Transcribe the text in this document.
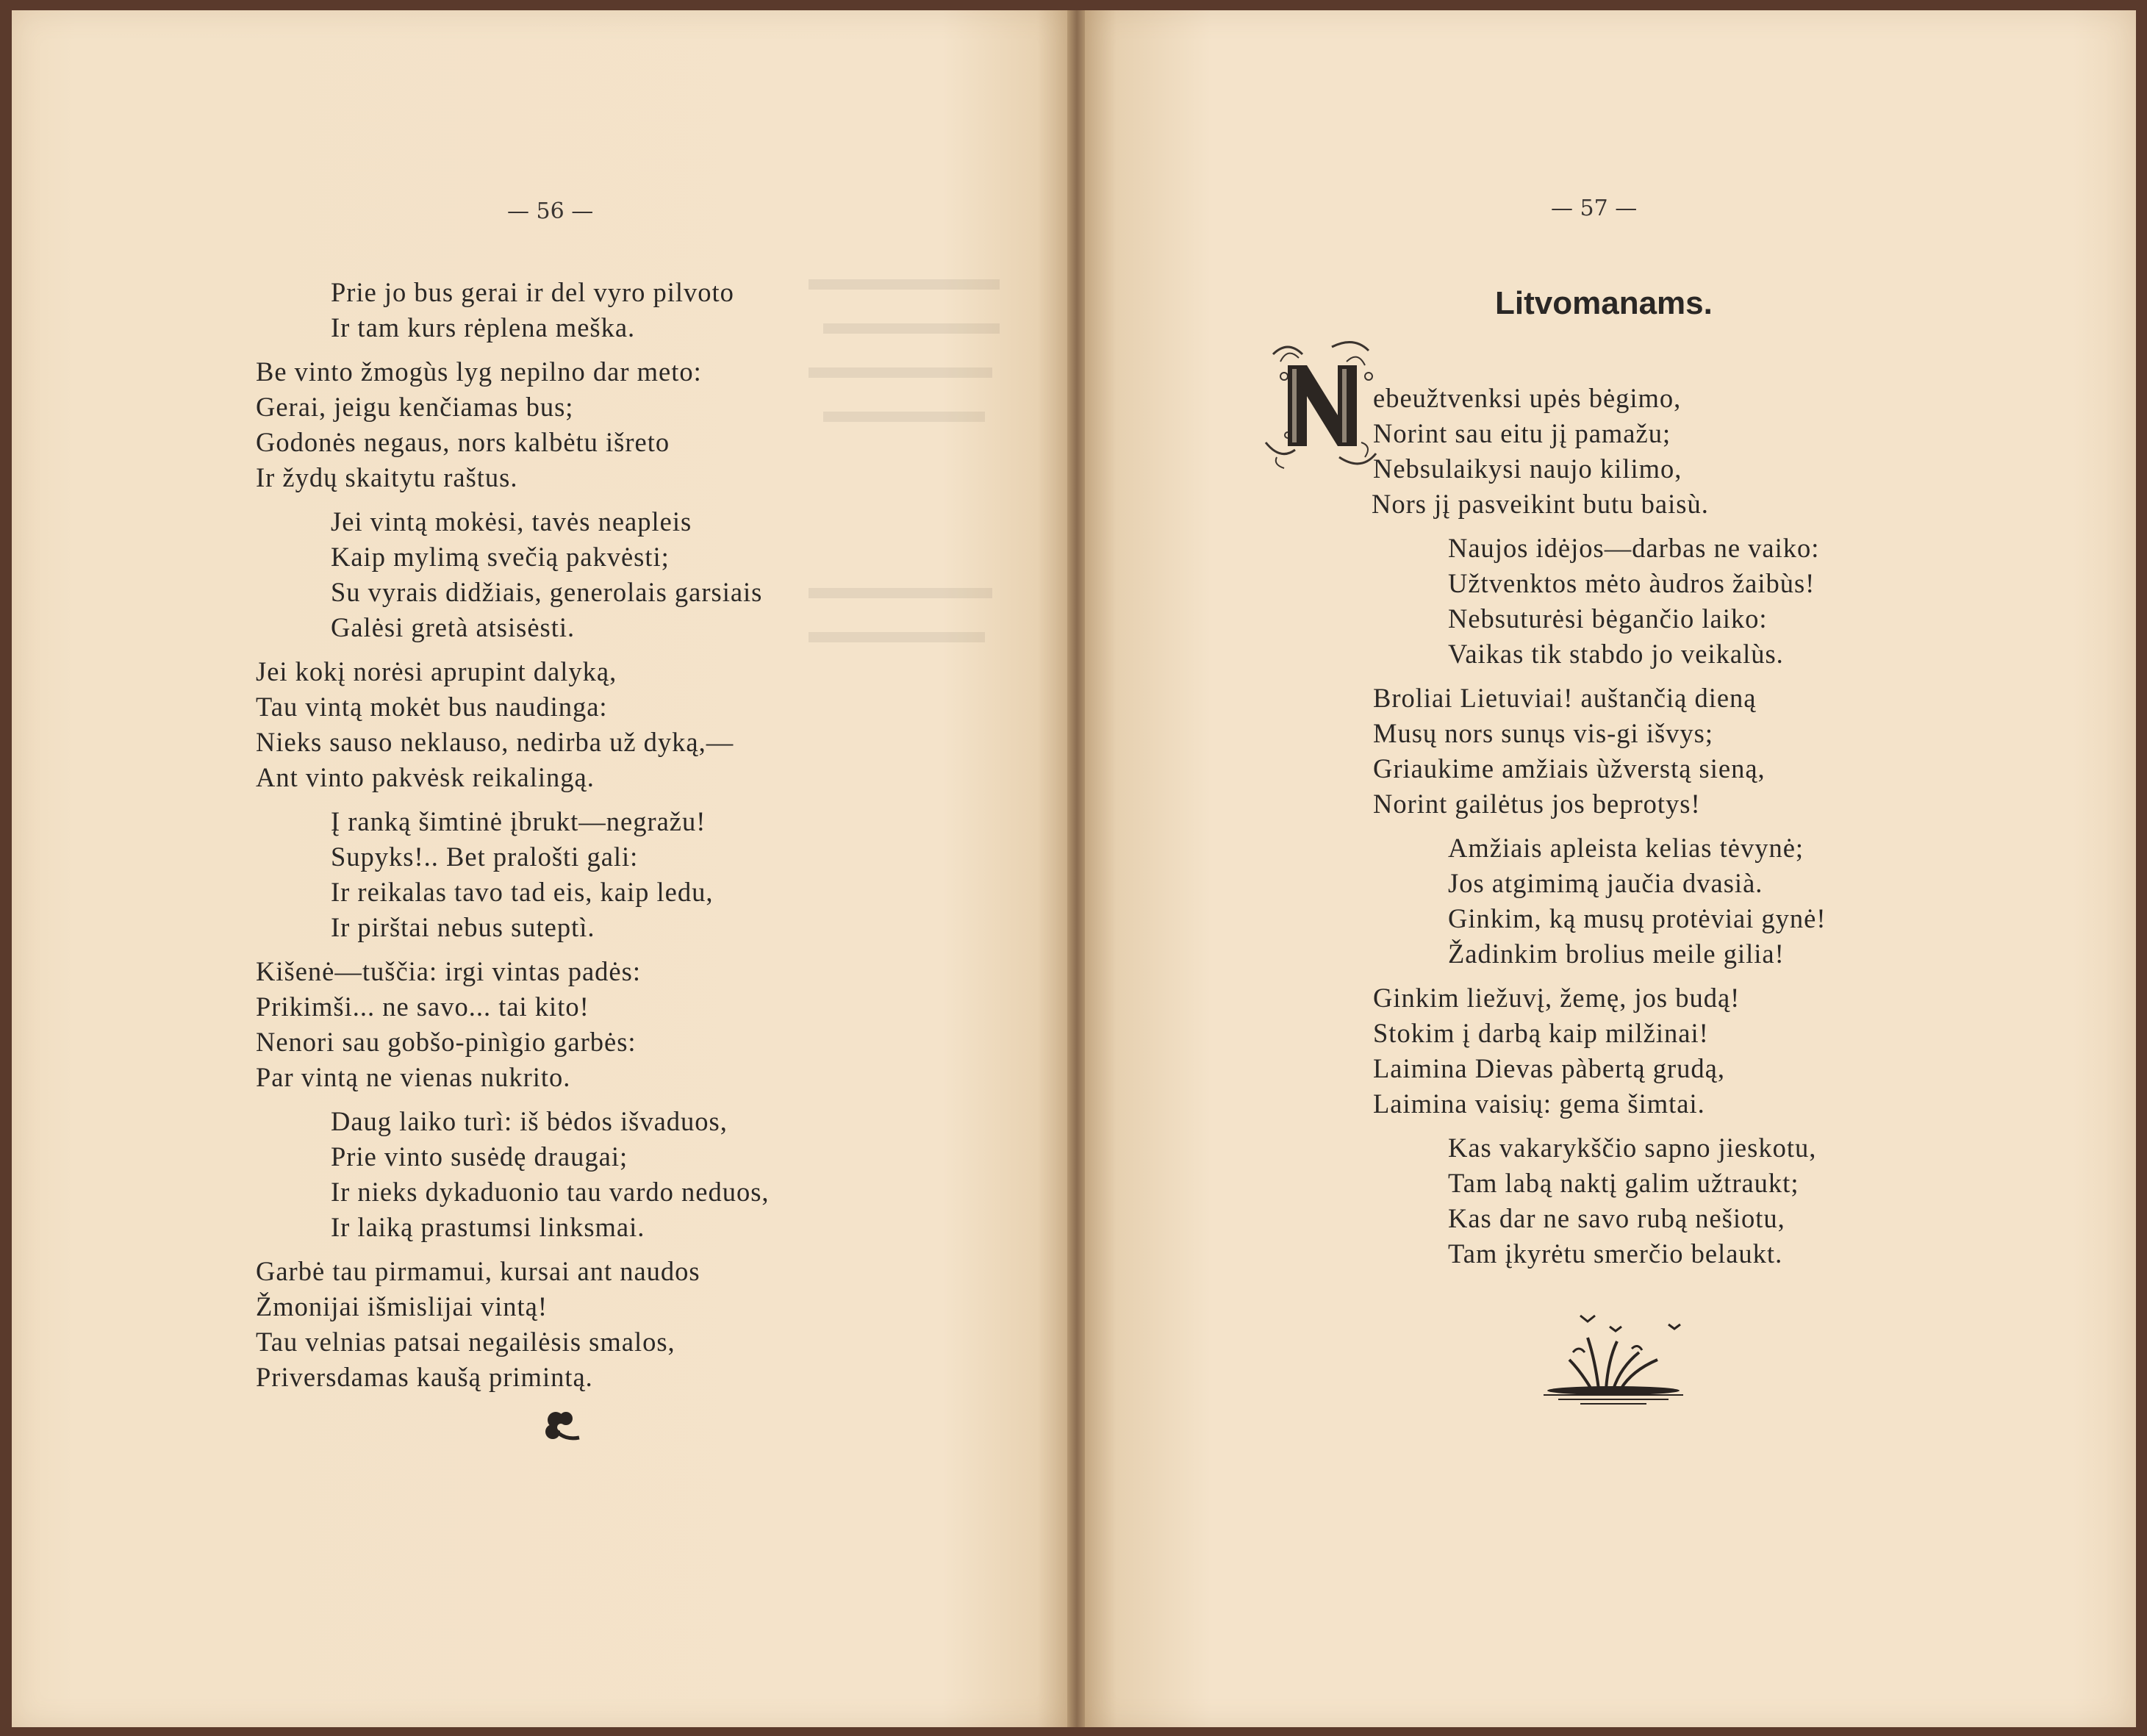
— 56 —
Prie jo bus gerai ir del vyro pilvoto
Ir tam kurs rėplena meška.
Be vinto žmogùs lyg nepilno dar meto:
Gerai, jeigu kenčiamas bus;
Godonės negaus, nors kalbėtu išreto
Ir žydų skaitytu raštus.
Jei vintą mokėsi, tavės neapleis
Kaip mylimą svečią pakvėsti;
Su vyrais didžiais, generolais garsiais
Galėsi gretà atsisėsti.
Jei kokį norėsi aprupint dalyką,
Tau vintą mokėt bus naudinga:
Nieks sauso neklauso, nedirba už dyką,—
Ant vinto pakvėsk reikalingą.
Į ranką šimtinė įbrukt—negražu!
Supyks!.. Bet pralošti gali:
Ir reikalas tavo tad eis, kaip ledu,
Ir pirštai nebus suteptì.
Kišenė—tuščia: irgi vintas padės:
Prikimši... ne savo... tai kito!
Nenori sau gobšo-pinìgio garbės:
Par vintą ne vienas nukrito.
Daug laiko turì: iš bėdos išvaduos,
Prie vinto susėdę draugai;
Ir nieks dykaduonio tau vardo neduos,
Ir laiką prastumsi linksmai.
Garbė tau pirmamui, kursai ant naudos
Žmonijai išmislijai vintą!
Tau velnias patsai negailėsis smalos,
Priversdamas kaušą primintą.
— 57 —
Litvomanams.
ebeužtvenksi upės bėgimo,
Norint sau eitu jį pamažu;
Nebsulaikysi naujo kilimo,
Nors jį pasveikint butu baisù.
Naujos idėjos—darbas ne vaiko:
Užtvenktos mėto àudros žaibùs!
Nebsuturėsi bėgančio laiko:
Vaikas tik stabdo jo veikalùs.
Broliai Lietuviai! auštančią dieną
Musų nors sunųs vis-gi išvys;
Griaukime amžiais ùžverstą sieną,
Norint gailėtus jos beprotys!
Amžiais apleista kelias tėvynė;
Jos atgimimą jaučia dvasià.
Ginkim, ką musų protėviai gynė!
Žadinkim brolius meile gilia!
Ginkim liežuvį, žemę, jos budą!
Stokim į darbą kaip milžinai!
Laimina Dievas pàbertą grudą,
Laimina vaisių: gema šimtai.
Kas vakarykščio sapno jieskotu,
Tam labą naktį galim užtraukt;
Kas dar ne savo rubą nešiotu,
Tam įkyrėtu smerčio belaukt.
